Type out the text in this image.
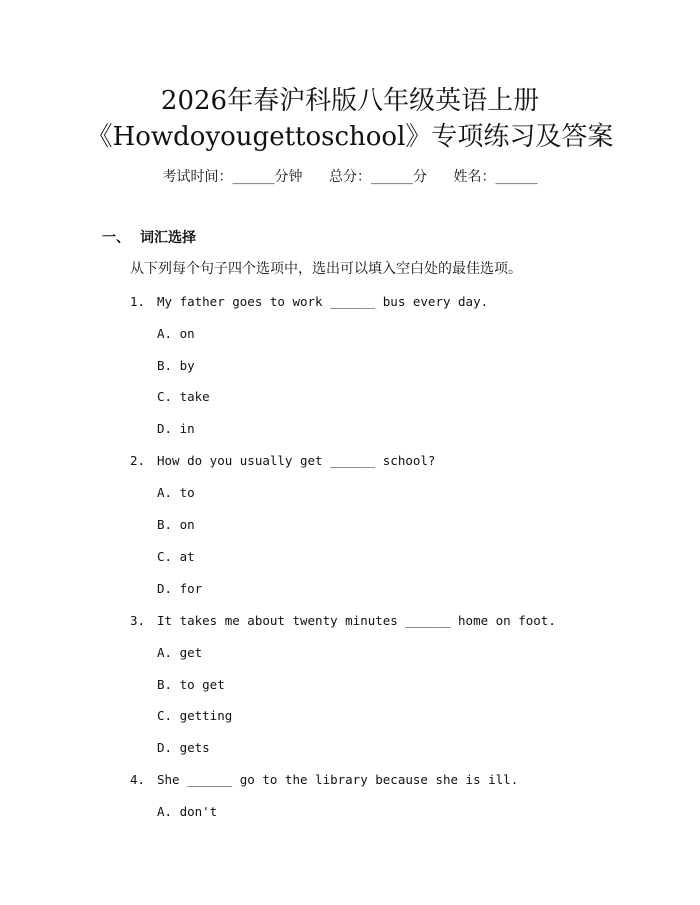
2026年春沪科版八年级英语上册
《Howdoyougettoschool》专项练习及答案
考试时间：______分钟 总分：______分 姓名：______
一、 词汇选择
从下列每个句子四个选项中，选出可以填入空白处的最佳选项。
1. My father goes to work ______ bus every day.
A. on
B. by
C. take
D. in
2. How do you usually get ______ school?
A. to
B. on
C. at
D. for
3. It takes me about twenty minutes ______ home on foot.
A. get
B. to get
C. getting
D. gets
4. She ______ go to the library because she is ill.
A. don't
